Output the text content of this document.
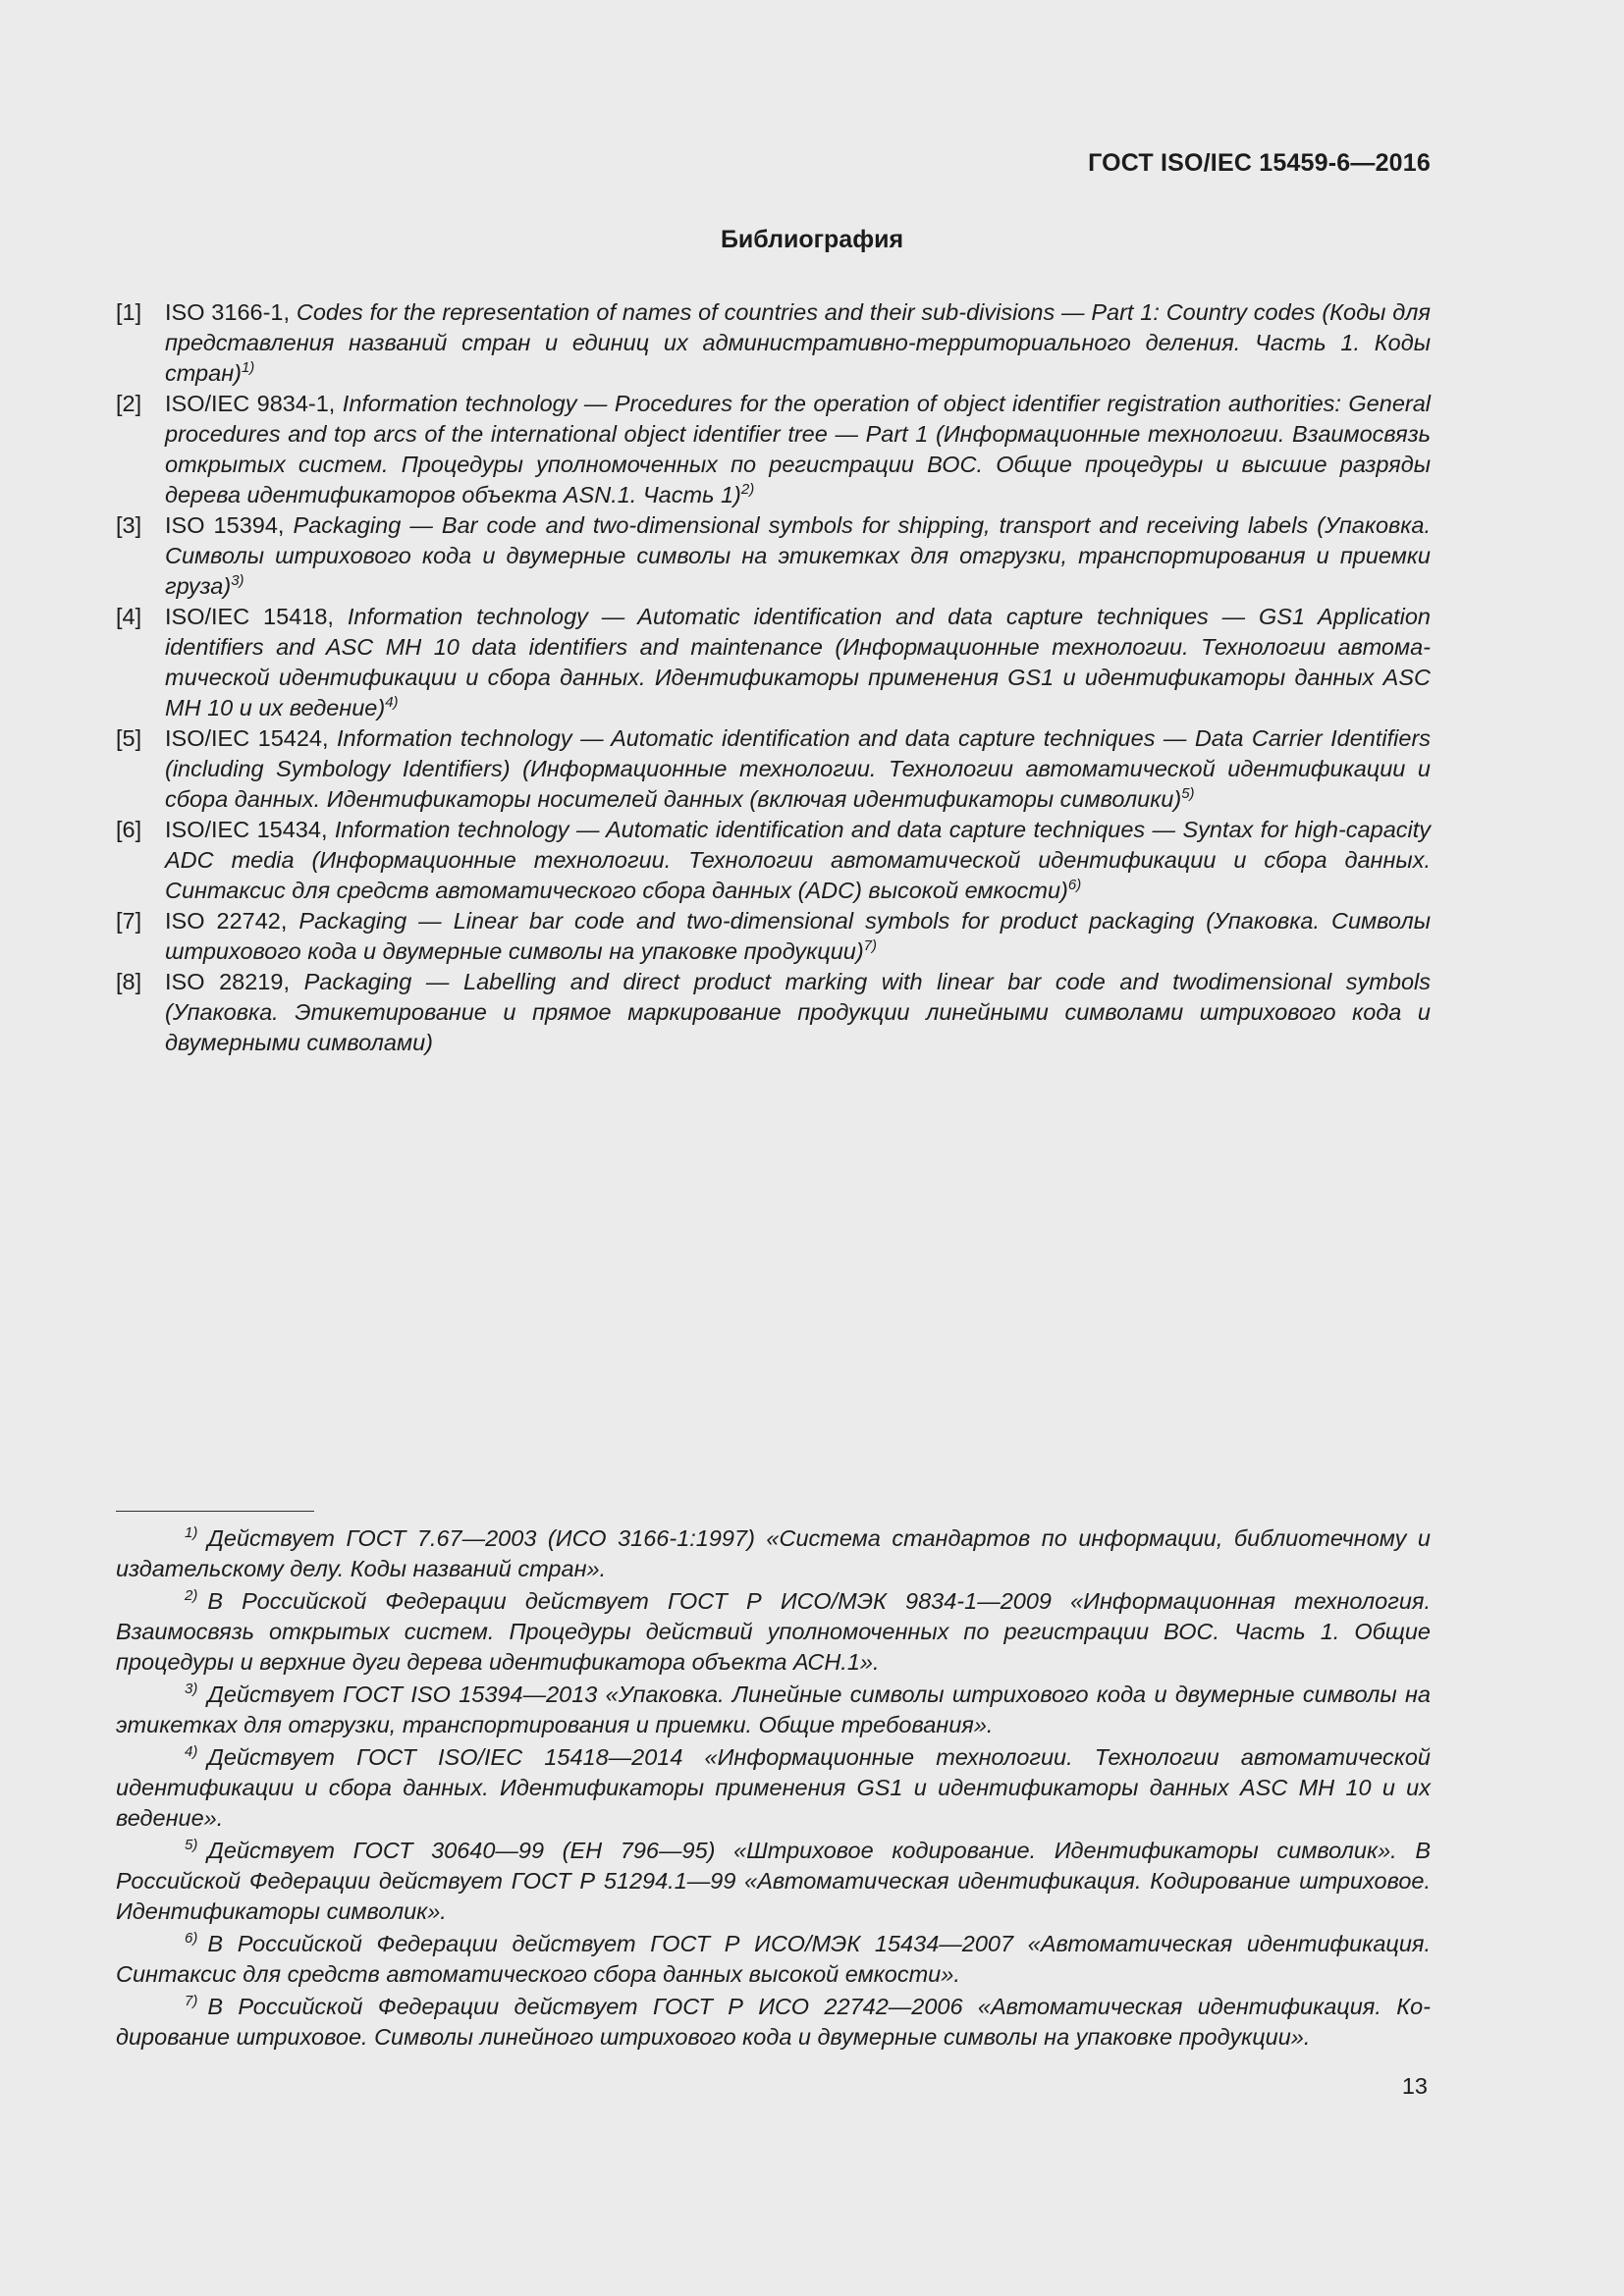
ГОСТ ISO/IEC 15459-6—2016
Библиография
[1] ISO 3166-1, Codes for the representation of names of countries and their sub-divisions — Part 1: Country codes (Коды для представления названий стран и единиц их административно-территориального деления. Часть 1. Коды стран)$^{1)}$
[2] ISO/IEC 9834-1, Information technology — Procedures for the operation of object identifier registration authorities: General procedures and top arcs of the international object identifier tree — Part 1 (Информационные технологии. Взаимосвязь открытых систем. Процедуры уполномоченных по регистрации ВОС. Общие процедуры и высшие разряды дерева идентификаторов объекта ASN.1. Часть 1)$^{2)}$
[3] ISO 15394, Packaging — Bar code and two-dimensional symbols for shipping, transport and receiving labels (Упаковка. Символы штрихового кода и двумерные символы на этикетках для отгрузки, транспортирования и приемки груза)$^{3)}$
[4] ISO/IEC 15418, Information technology — Automatic identification and data capture techniques — GS1 Application identifiers and ASC MH 10 data identifiers and maintenance (Информационные технологии. Технологии автоматической идентификации и сбора данных. Идентификаторы применения GS1 и идентификаторы данных ASC MH 10 и их ведение)$^{4)}$
[5] ISO/IEC 15424, Information technology — Automatic identification and data capture techniques — Data Carrier Identifiers (including Symbology Identifiers) (Информационные технологии. Технологии автоматической идентификации и сбора данных. Идентификаторы носителей данных (включая идентификаторы символики)$^{5)}$
[6] ISO/IEC 15434, Information technology — Automatic identification and data capture techniques — Syntax for high-capacity ADC media (Информационные технологии. Технологии автоматической идентификации и сбора данных. Синтаксис для средств автоматического сбора данных (ADC) высокой емкости)$^{6)}$
[7] ISO 22742, Packaging — Linear bar code and two-dimensional symbols for product packaging (Упаковка. Символы штрихового кода и двумерные символы на упаковке продукции)$^{7)}$
[8] ISO 28219, Packaging — Labelling and direct product marking with linear bar code and twodimensional symbols (Упаковка. Этикетирование и прямое маркирование продукции линейными символами штрихового кода и двумерными символами)
$^{1)}$ Действует ГОСТ 7.67—2003 (ИСО 3166-1:1997) «Система стандартов по информации, библиотечному и издательскому делу. Коды названий стран».
$^{2)}$ В Российской Федерации действует ГОСТ Р ИСО/МЭК 9834-1—2009 «Информационная технология. Взаимосвязь открытых систем. Процедуры действий уполномоченных по регистрации ВОС. Часть 1. Общие процедуры и верхние дуги дерева идентификатора объекта АСН.1».
$^{3)}$ Действует ГОСТ ISO 15394—2013 «Упаковка. Линейные символы штрихового кода и двумерные символы на этикетках для отгрузки, транспортирования и приемки. Общие требования».
$^{4)}$ Действует ГОСТ ISO/IEC 15418—2014 «Информационные технологии. Технологии автоматической идентификации и сбора данных. Идентификаторы применения GS1 и идентификаторы данных ASC MH 10 и их ведение».
$^{5)}$ Действует ГОСТ 30640—99 (ЕН 796—95) «Штриховое кодирование. Идентификаторы символик». В Российской Федерации действует ГОСТ Р 51294.1—99 «Автоматическая идентификация. Кодирование штриховое. Идентификаторы символик».
$^{6)}$ В Российской Федерации действует ГОСТ Р ИСО/МЭК 15434—2007 «Автоматическая идентификация. Синтаксис для средств автоматического сбора данных высокой емкости».
$^{7)}$ В Российской Федерации действует ГОСТ Р ИСО 22742—2006 «Автоматическая идентификация. Кодирование штриховое. Символы линейного штрихового кода и двумерные символы на упаковке продукции».
13
